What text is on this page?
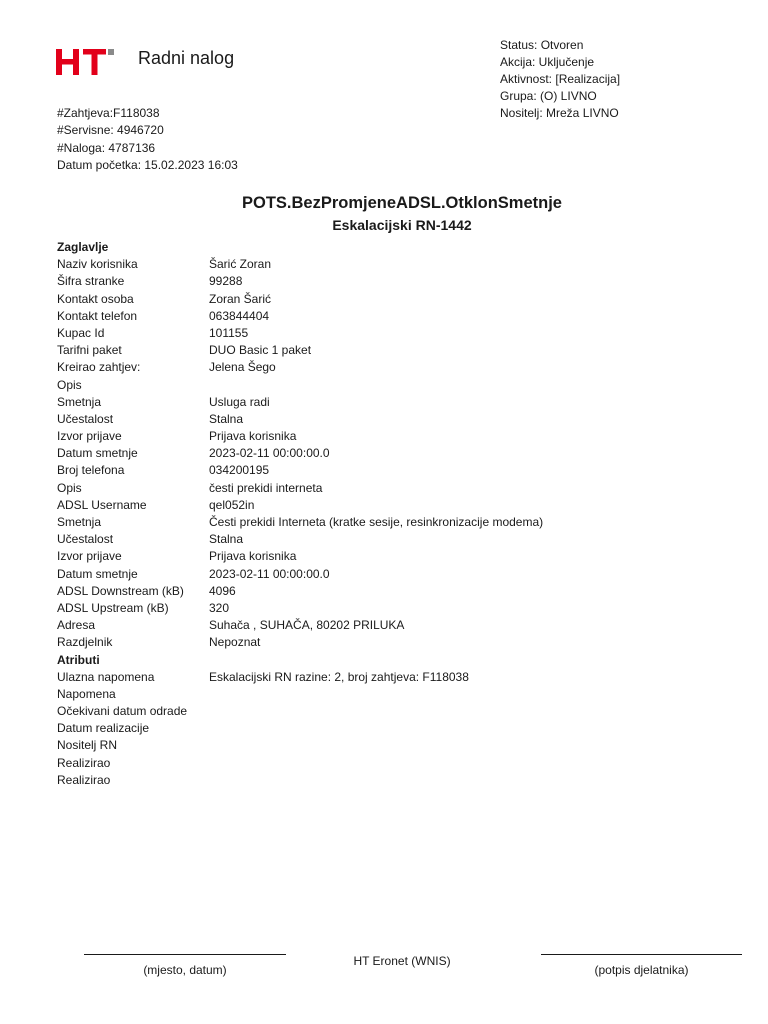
Radni nalog
Status: Otvoren
Akcija: Uključenje
Aktivnost: [Realizacija]
Grupa: (O) LIVNO
Nositelj: Mreža LIVNO
#Zahtjeva:F118038
#Servisne: 4946720
#Naloga: 4787136
Datum početka: 15.02.2023 16:03
POTS.BezPromjeneADSL.OtklonSmetnje
Eskalacijski RN-1442
Zaglavlje
Naziv korisnika	Šarić Zoran
Šifra stranke	99288
Kontakt osoba	Zoran Šarić
Kontakt telefon	063844404
Kupac Id	101155
Tarifni paket	DUO Basic 1 paket
Kreirao zahtjev:	Jelena Šego
Opis
Smetnja	Usluga radi
Učestalost	Stalna
Izvor prijave	Prijava korisnika
Datum smetnje	2023-02-11 00:00:00.0
Broj telefona	034200195
Opis	česti prekidi interneta
ADSL Username	qel052in
Smetnja	Česti prekidi Interneta (kratke sesije, resinkronizacije modema)
Učestalost	Stalna
Izvor prijave	Prijava korisnika
Datum smetnje	2023-02-11 00:00:00.0
ADSL Downstream (kB) 4096
ADSL Upstream (kB)	320
Adresa	Suhača , SUHAČA, 80202 PRILUKA
Razdjelnik	Nepoznat
Atributi
Ulazna napomena	Eskalacijski RN razine: 2, broj zahtjeva: F118038
Napomena
Očekivani datum odrade
Datum realizacije
Nositelj RN
Realizirao
Realizirao
(mjesto, datum)
HT Eronet (WNIS)
(potpis djelatnika)
